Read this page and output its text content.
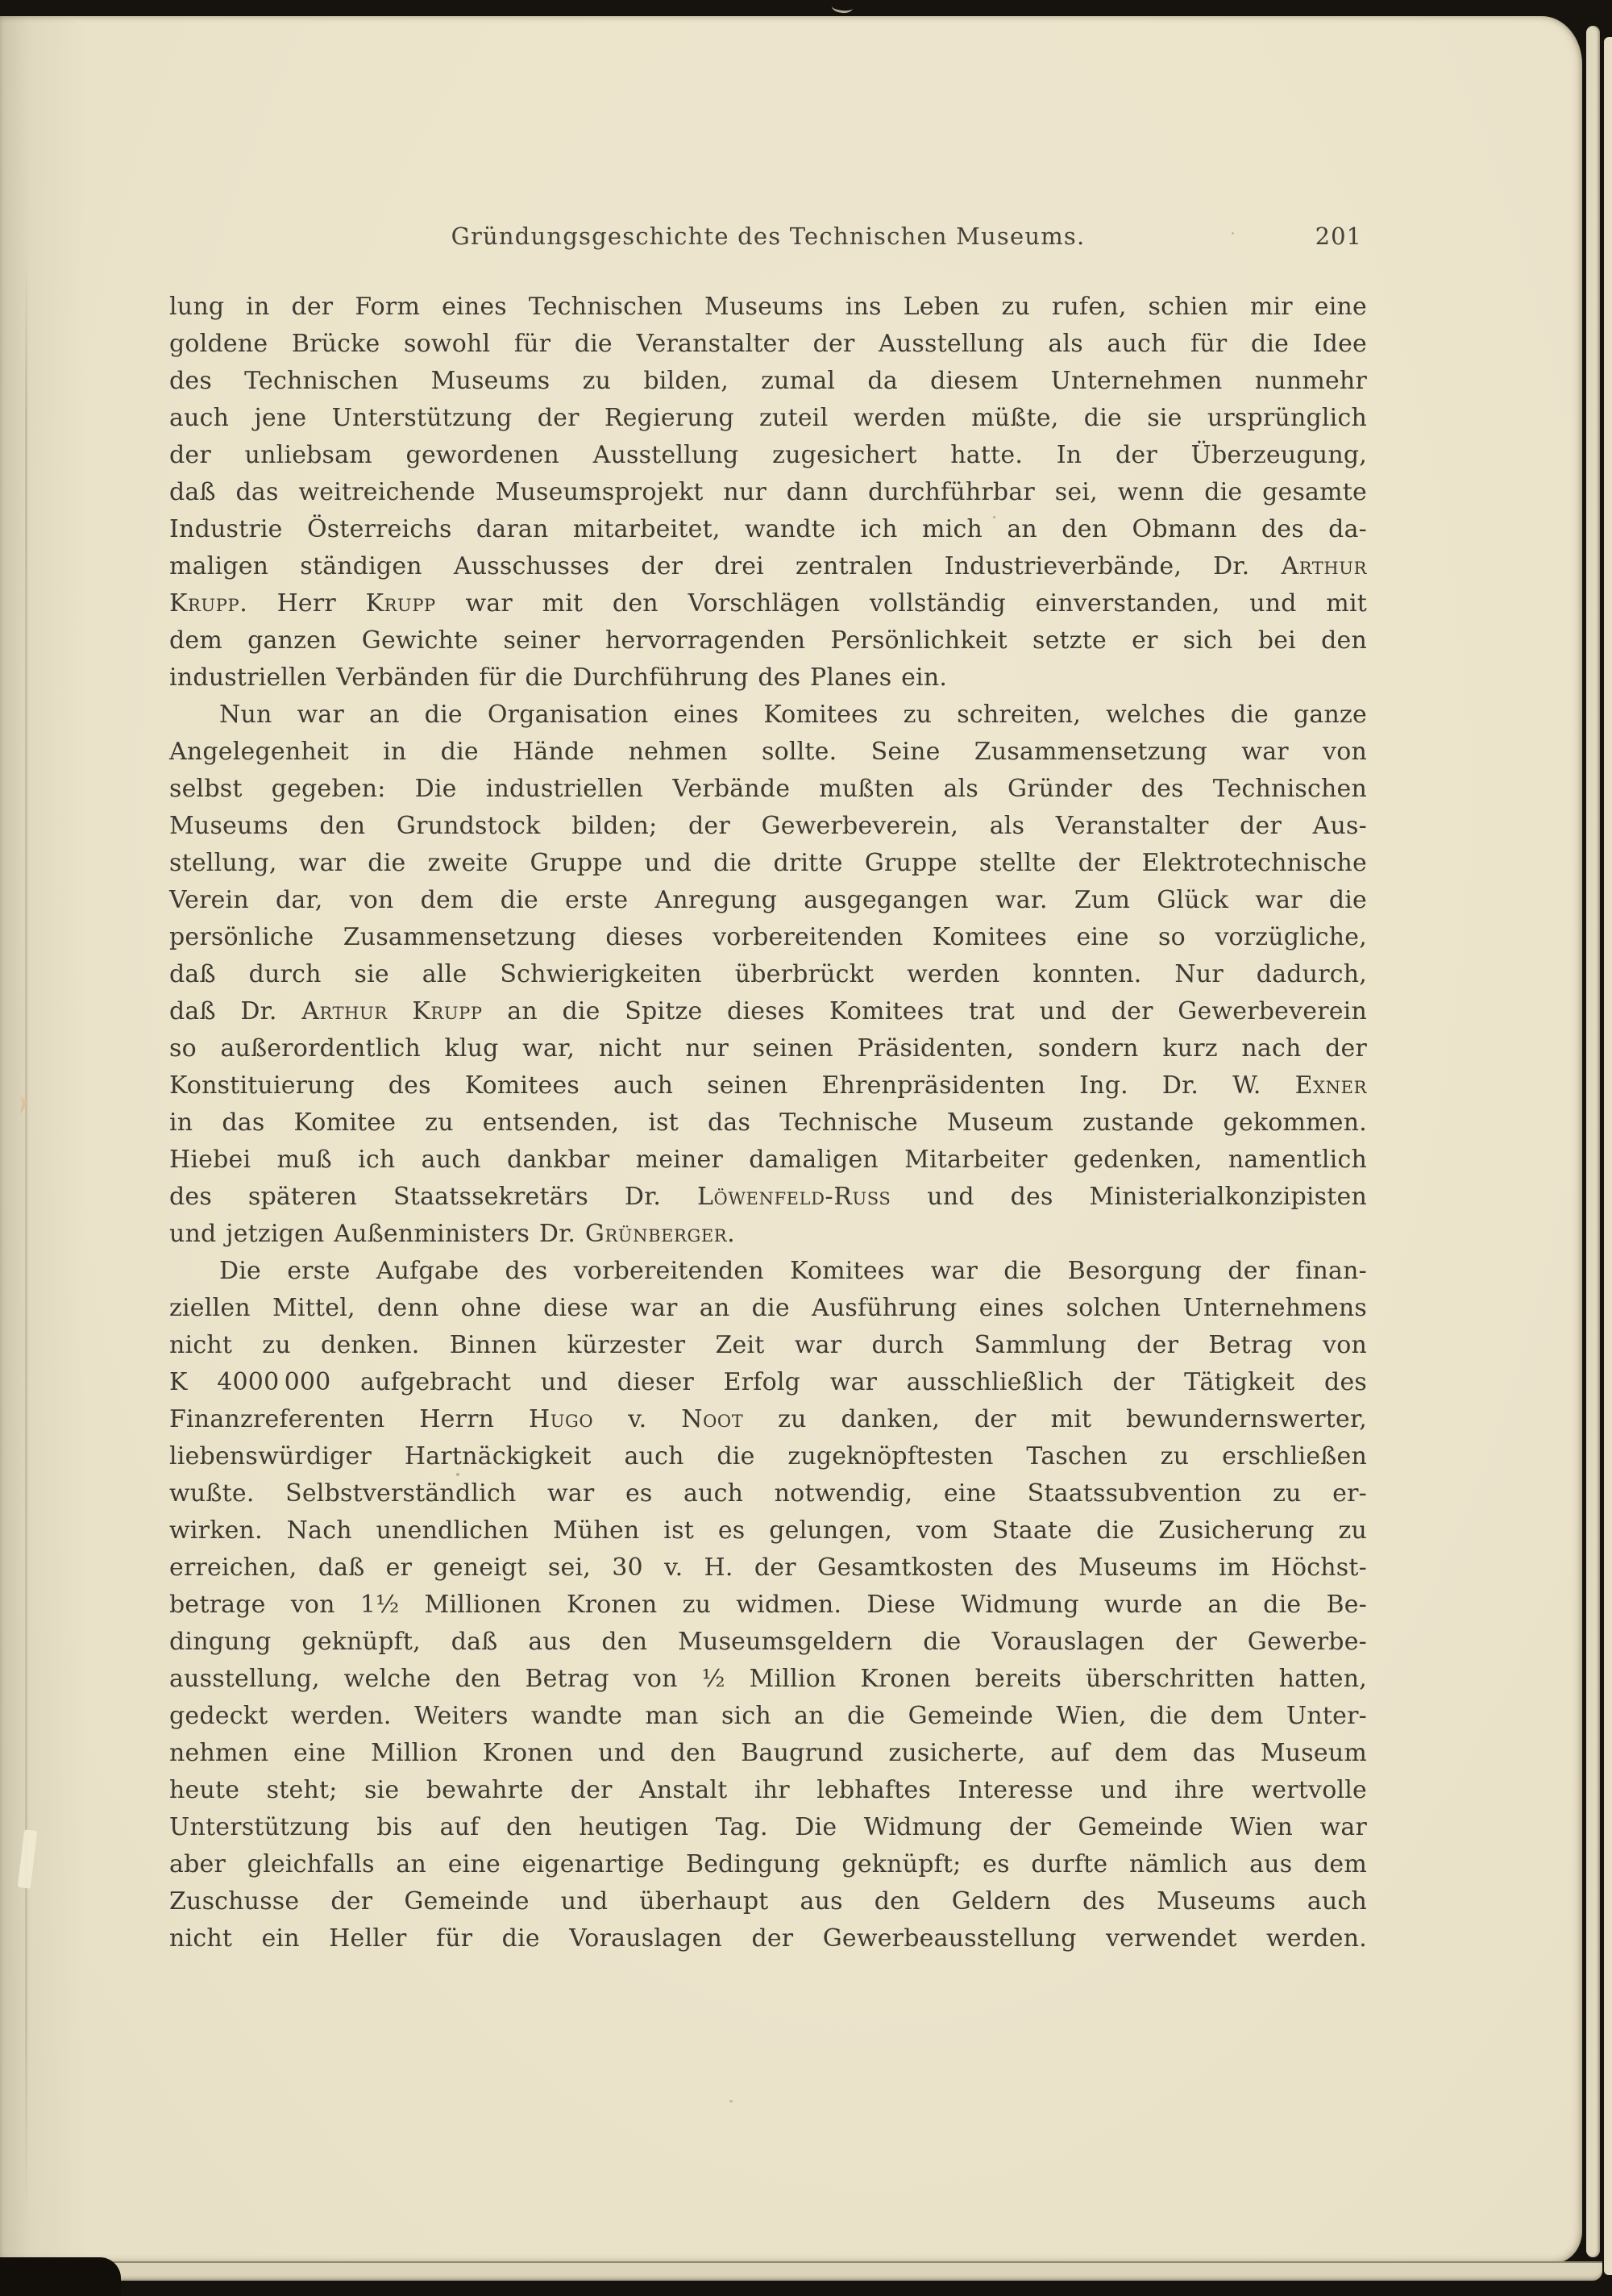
Gründungsgeschichte des Technischen Museums.	201
lung in der Form eines Technischen Museums ins Leben zu rufen, schien mir eine
goldene Brücke sowohl für die Veranstalter der Ausstellung als auch für die Idee
des Technischen Museums zu bilden, zumal da diesem Unternehmen nunmehr
auch jene Unterstützung der Regierung zuteil werden müßte, die sie ursprünglich
der unliebsam gewordenen Ausstellung zugesichert hatte. In der Überzeugung,
daß das weitreichende Museumsprojekt nur dann durchführbar sei, wenn die gesamte
Industrie Österreichs daran mitarbeitet, wandte ich mich an den Obmann des da-
maligen ständigen Ausschusses der drei zentralen Industrieverbände, Dr. Arthur
Krupp. Herr Krupp war mit den Vorschlägen vollständig einverstanden, und mit
dem ganzen Gewichte seiner hervorragenden Persönlichkeit setzte er sich bei den
industriellen Verbänden für die Durchführung des Planes ein.
Nun war an die Organisation eines Komitees zu schreiten, welches die ganze
Angelegenheit in die Hände nehmen sollte. Seine Zusammensetzung war von
selbst gegeben: Die industriellen Verbände mußten als Gründer des Technischen
Museums den Grundstock bilden; der Gewerbeverein, als Veranstalter der Aus-
stellung, war die zweite Gruppe und die dritte Gruppe stellte der Elektrotechnische
Verein dar, von dem die erste Anregung ausgegangen war. Zum Glück war die
persönliche Zusammensetzung dieses vorbereitenden Komitees eine so vorzügliche,
daß durch sie alle Schwierigkeiten überbrückt werden konnten. Nur dadurch,
daß Dr. Arthur Krupp an die Spitze dieses Komitees trat und der Gewerbeverein
so außerordentlich klug war, nicht nur seinen Präsidenten, sondern kurz nach der
Konstituierung des Komitees auch seinen Ehrenpräsidenten Ing. Dr. W. Exner
in das Komitee zu entsenden, ist das Technische Museum zustande gekommen.
Hiebei muß ich auch dankbar meiner damaligen Mitarbeiter gedenken, namentlich
des späteren Staatssekretärs Dr. Löwenfeld-Russ und des Ministerialkonzipisten
und jetzigen Außenministers Dr. Grünberger.
Die erste Aufgabe des vorbereitenden Komitees war die Besorgung der finan-
ziellen Mittel, denn ohne diese war an die Ausführung eines solchen Unternehmens
nicht zu denken. Binnen kürzester Zeit war durch Sammlung der Betrag von
K 4000 000 aufgebracht und dieser Erfolg war ausschließlich der Tätigkeit des
Finanzreferenten Herrn Hugo v. Noot zu danken, der mit bewundernswerter,
liebenswürdiger Hartnäckigkeit auch die zugeknöpftesten Taschen zu erschließen
wußte. Selbstverständlich war es auch notwendig, eine Staatssubvention zu er-
wirken. Nach unendlichen Mühen ist es gelungen, vom Staate die Zusicherung zu
erreichen, daß er geneigt sei, 30 v. H. der Gesamtkosten des Museums im Höchst-
betrage von 1½ Millionen Kronen zu widmen. Diese Widmung wurde an die Be-
dingung geknüpft, daß aus den Museumsgeldern die Vorauslagen der Gewerbe-
ausstellung, welche den Betrag von ½ Million Kronen bereits überschritten hatten,
gedeckt werden. Weiters wandte man sich an die Gemeinde Wien, die dem Unter-
nehmen eine Million Kronen und den Baugrund zusicherte, auf dem das Museum
heute steht; sie bewahrte der Anstalt ihr lebhaftes Interesse und ihre wertvolle
Unterstützung bis auf den heutigen Tag. Die Widmung der Gemeinde Wien war
aber gleichfalls an eine eigenartige Bedingung geknüpft; es durfte nämlich aus dem
Zuschusse der Gemeinde und überhaupt aus den Geldern des Museums auch
nicht ein Heller für die Vorauslagen der Gewerbeausstellung verwendet werden.
